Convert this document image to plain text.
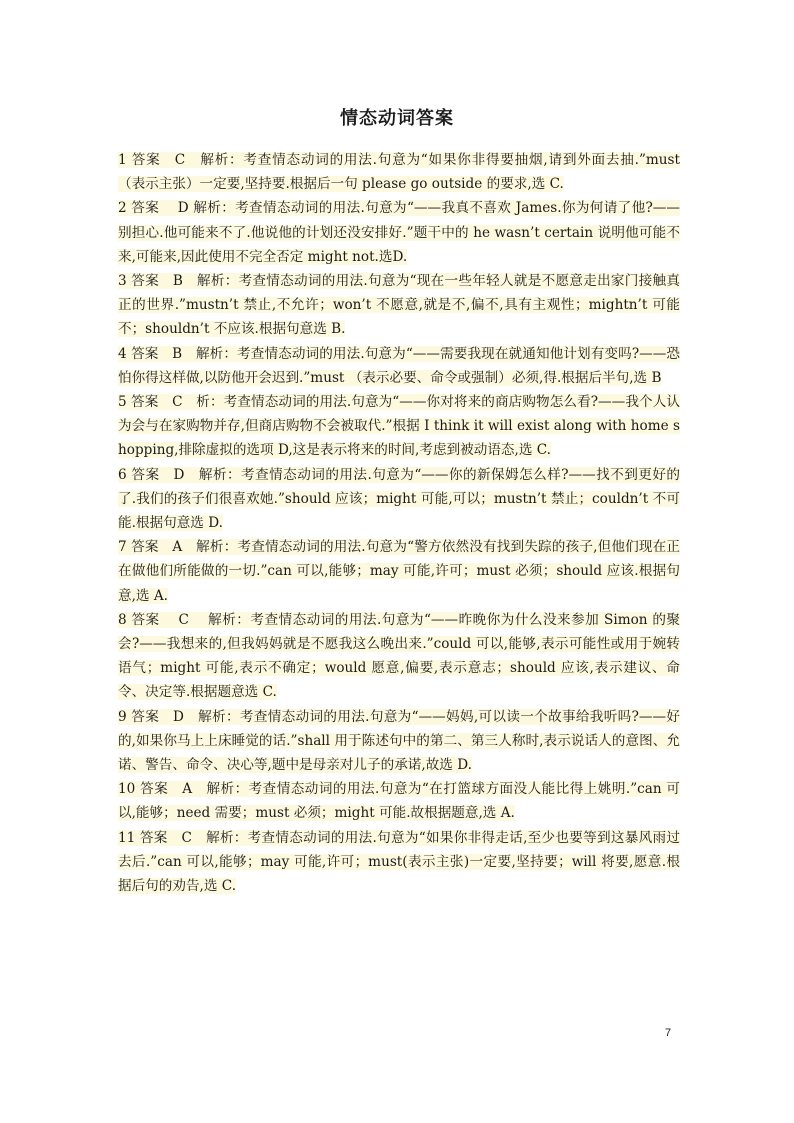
情态动词答案
1 答案　C　解析：考查情态动词的用法.句意为“如果你非得要抽烟,请到外面去抽.”must （表示主张）一定要,坚持要.根据后一句 please go outside 的要求,选 C.
2 答案　 D 解析：考查情态动词的用法.句意为“——我真不喜欢 James.你为何请了他?——别担心.他可能来不了.他说他的计划还没安排好.”题干中的 he wasn’t certain 说明他可能不来,可能来,因此使用不完全否定 might not.选D.
3 答案　B　解析：考查情态动词的用法.句意为“现在一些年轻人就是不愿意走出家门接触真正的世界.”mustn’t 禁止,不允许；won’t 不愿意,就是不,偏不,具有主观性；mightn’t 可能不；shouldn’t 不应该.根据句意选 B.
4 答案　B　解析：考查情态动词的用法.句意为“——需要我现在就通知他计划有变吗?——恐怕你得这样做,以防他开会迟到.”must （表示必要、命令或强制）必须,得.根据后半句,选 B
5 答案　C　析：考查情态动词的用法.句意为“——你对将来的商店购物怎么看?——我个人认为会与在家购物并存,但商店购物不会被取代.”根据 I think it will exist along with home shopping,排除虚拟的选项 D,这是表示将来的时间,考虑到被动语态,选 C.
6 答案　D　解析：考查情态动词的用法.句意为“——你的新保姆怎么样?——找不到更好的了.我们的孩子们很喜欢她.”should 应该；might 可能,可以；mustn’t 禁止；couldn’t 不可能.根据句意选 D.
7 答案　A　解析：考查情态动词的用法.句意为“警方依然没有找到失踪的孩子,但他们现在正在做他们所能做的一切.”can 可以,能够；may 可能,许可；must 必须；should 应该.根据句意,选 A.
8 答案　 C　 解析：考查情态动词的用法.句意为“——昨晚你为什么没来参加 Simon 的聚会?——我想来的,但我妈妈就是不愿我这么晚出来.”could 可以,能够,表示可能性或用于婉转语气；might 可能,表示不确定；would 愿意,偏要,表示意志；should 应该,表示建议、命令、决定等.根据题意选 C.
9 答案　D　解析：考查情态动词的用法.句意为“——妈妈,可以读一个故事给我听吗?——好的,如果你马上上床睡觉的话.”shall 用于陈述句中的第二、第三人称时,表示说话人的意图、允诺、警告、命令、决心等,题中是母亲对儿子的承诺,故选 D.
10 答案　A　解析：考查情态动词的用法.句意为“在打篮球方面没人能比得上姚明.”can 可以,能够；need 需要；must 必须；might 可能.故根据题意,选 A.
11 答案　C　解析：考查情态动词的用法.句意为“如果你非得走话,至少也要等到这暴风雨过去后.”can 可以,能够；may 可能,许可；must(表示主张)一定要,坚持要；will 将要,愿意.根据后句的劝告,选 C.
7
